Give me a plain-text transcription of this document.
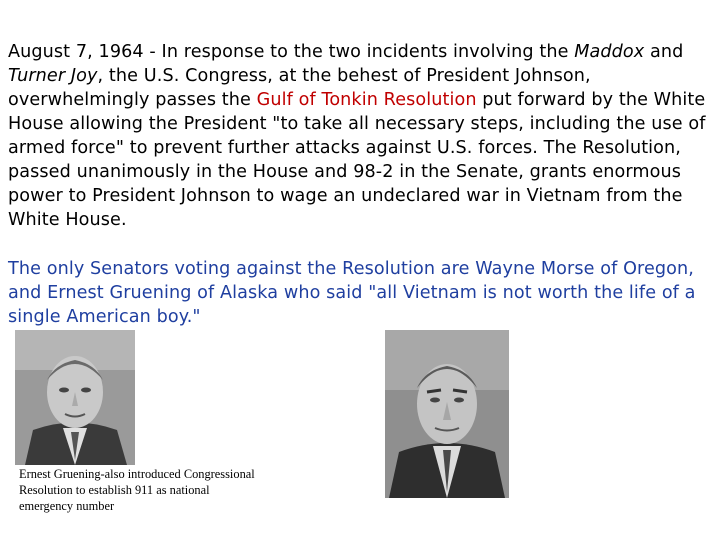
August 7, 1964 - In response to the two incidents involving the Maddox and Turner Joy, the U.S. Congress, at the behest of President Johnson, overwhelmingly passes the Gulf of Tonkin Resolution put forward by the White House allowing the President "to take all necessary steps, including the use of armed force" to prevent further attacks against U.S. forces. The Resolution, passed unanimously in the House and 98-2 in the Senate, grants enormous power to President Johnson to wage an undeclared war in Vietnam from the White House.

The only Senators voting against the Resolution are Wayne Morse of Oregon, and Ernest Gruening of Alaska who said "all Vietnam is not worth the life of a single American boy."

Ernest Gruening-also introduced Congressional
Resolution to establish 911 as national
emergency number
